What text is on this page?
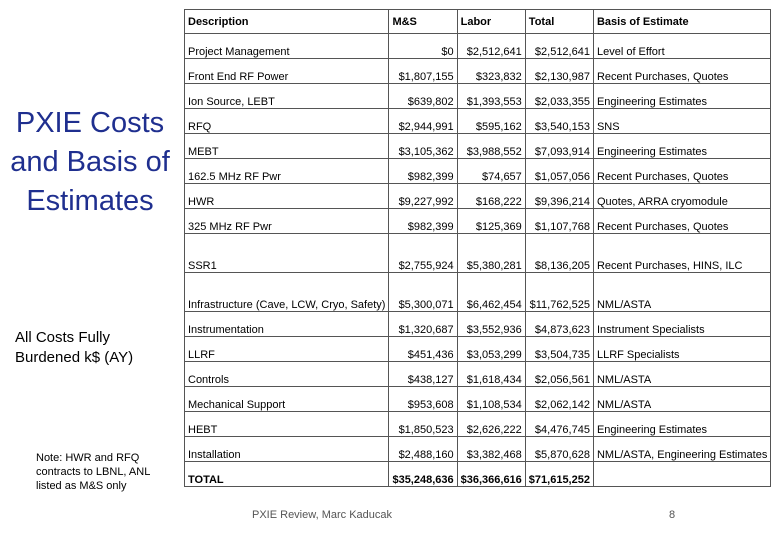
PXIE Costs and Basis of Estimates
All Costs Fully Burdened k$ (AY)
Note: HWR and RFQ contracts to LBNL, ANL listed as M&S only
Description	M&S	Labor	Total	Basis of Estimate
Project Management	$0	$2,512,641	$2,512,641	Level of Effort
Front End RF Power	$1,807,155	$323,832	$2,130,987	Recent Purchases, Quotes
Ion Source, LEBT	$639,802	$1,393,553	$2,033,355	Engineering Estimates
RFQ	$2,944,991	$595,162	$3,540,153	SNS
MEBT	$3,105,362	$3,988,552	$7,093,914	Engineering Estimates
162.5 MHz RF Pwr	$982,399	$74,657	$1,057,056	Recent Purchases, Quotes
HWR	$9,227,992	$168,222	$9,396,214	Quotes, ARRA cryomodule
325 MHz RF Pwr	$982,399	$125,369	$1,107,768	Recent Purchases, Quotes
SSR1	$2,755,924	$5,380,281	$8,136,205	Recent Purchases, HINS, ILC
Infrastructure (Cave, LCW, Cryo, Safety)	$5,300,071	$6,462,454	$11,762,525	NML/ASTA
Instrumentation	$1,320,687	$3,552,936	$4,873,623	Instrument Specialists
LLRF	$451,436	$3,053,299	$3,504,735	LLRF Specialists
Controls	$438,127	$1,618,434	$2,056,561	NML/ASTA
Mechanical Support	$953,608	$1,108,534	$2,062,142	NML/ASTA
HEBT	$1,850,523	$2,626,222	$4,476,745	Engineering Estimates
Installation	$2,488,160	$3,382,468	$5,870,628	NML/ASTA, Engineering Estimates
TOTAL	$35,248,636	$36,366,616	$71,615,252	
PXIE Review, Marc Kaducak	8
